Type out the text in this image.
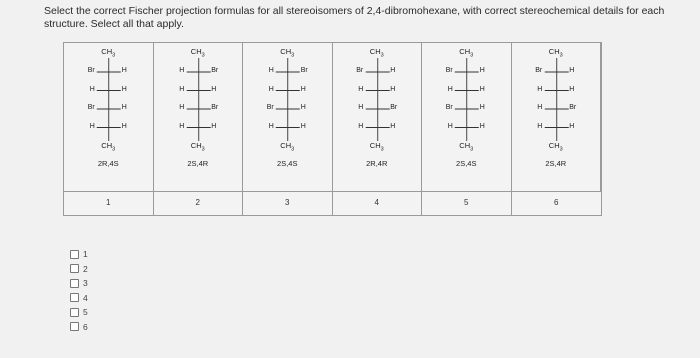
Select the correct Fischer projection formulas for all stereoisomers of 2,4-dibromohexane, with correct stereochemical details for each structure. Select all that apply.
$CH_3$
Br	H
H	H
Br	H
H	H
$CH_3$
2R,4S
$CH_3$
H	Br
H	H
H	Br
H	H
$CH_3$
2S,4R
$CH_3$
H	Br
H	H
Br	H
H	H
$CH_3$
2S,4S
$CH_3$
Br	H
H	H
H	Br
H	H
$CH_3$
2R,4R
$CH_3$
Br	H
H	H
Br	H
H	H
$CH_3$
2S,4S
$CH_3$
Br	H
H	H
H	Br
H	H
$CH_3$
2S,4R
1	2	3	4	5	6
1
2
3
4
5
6
